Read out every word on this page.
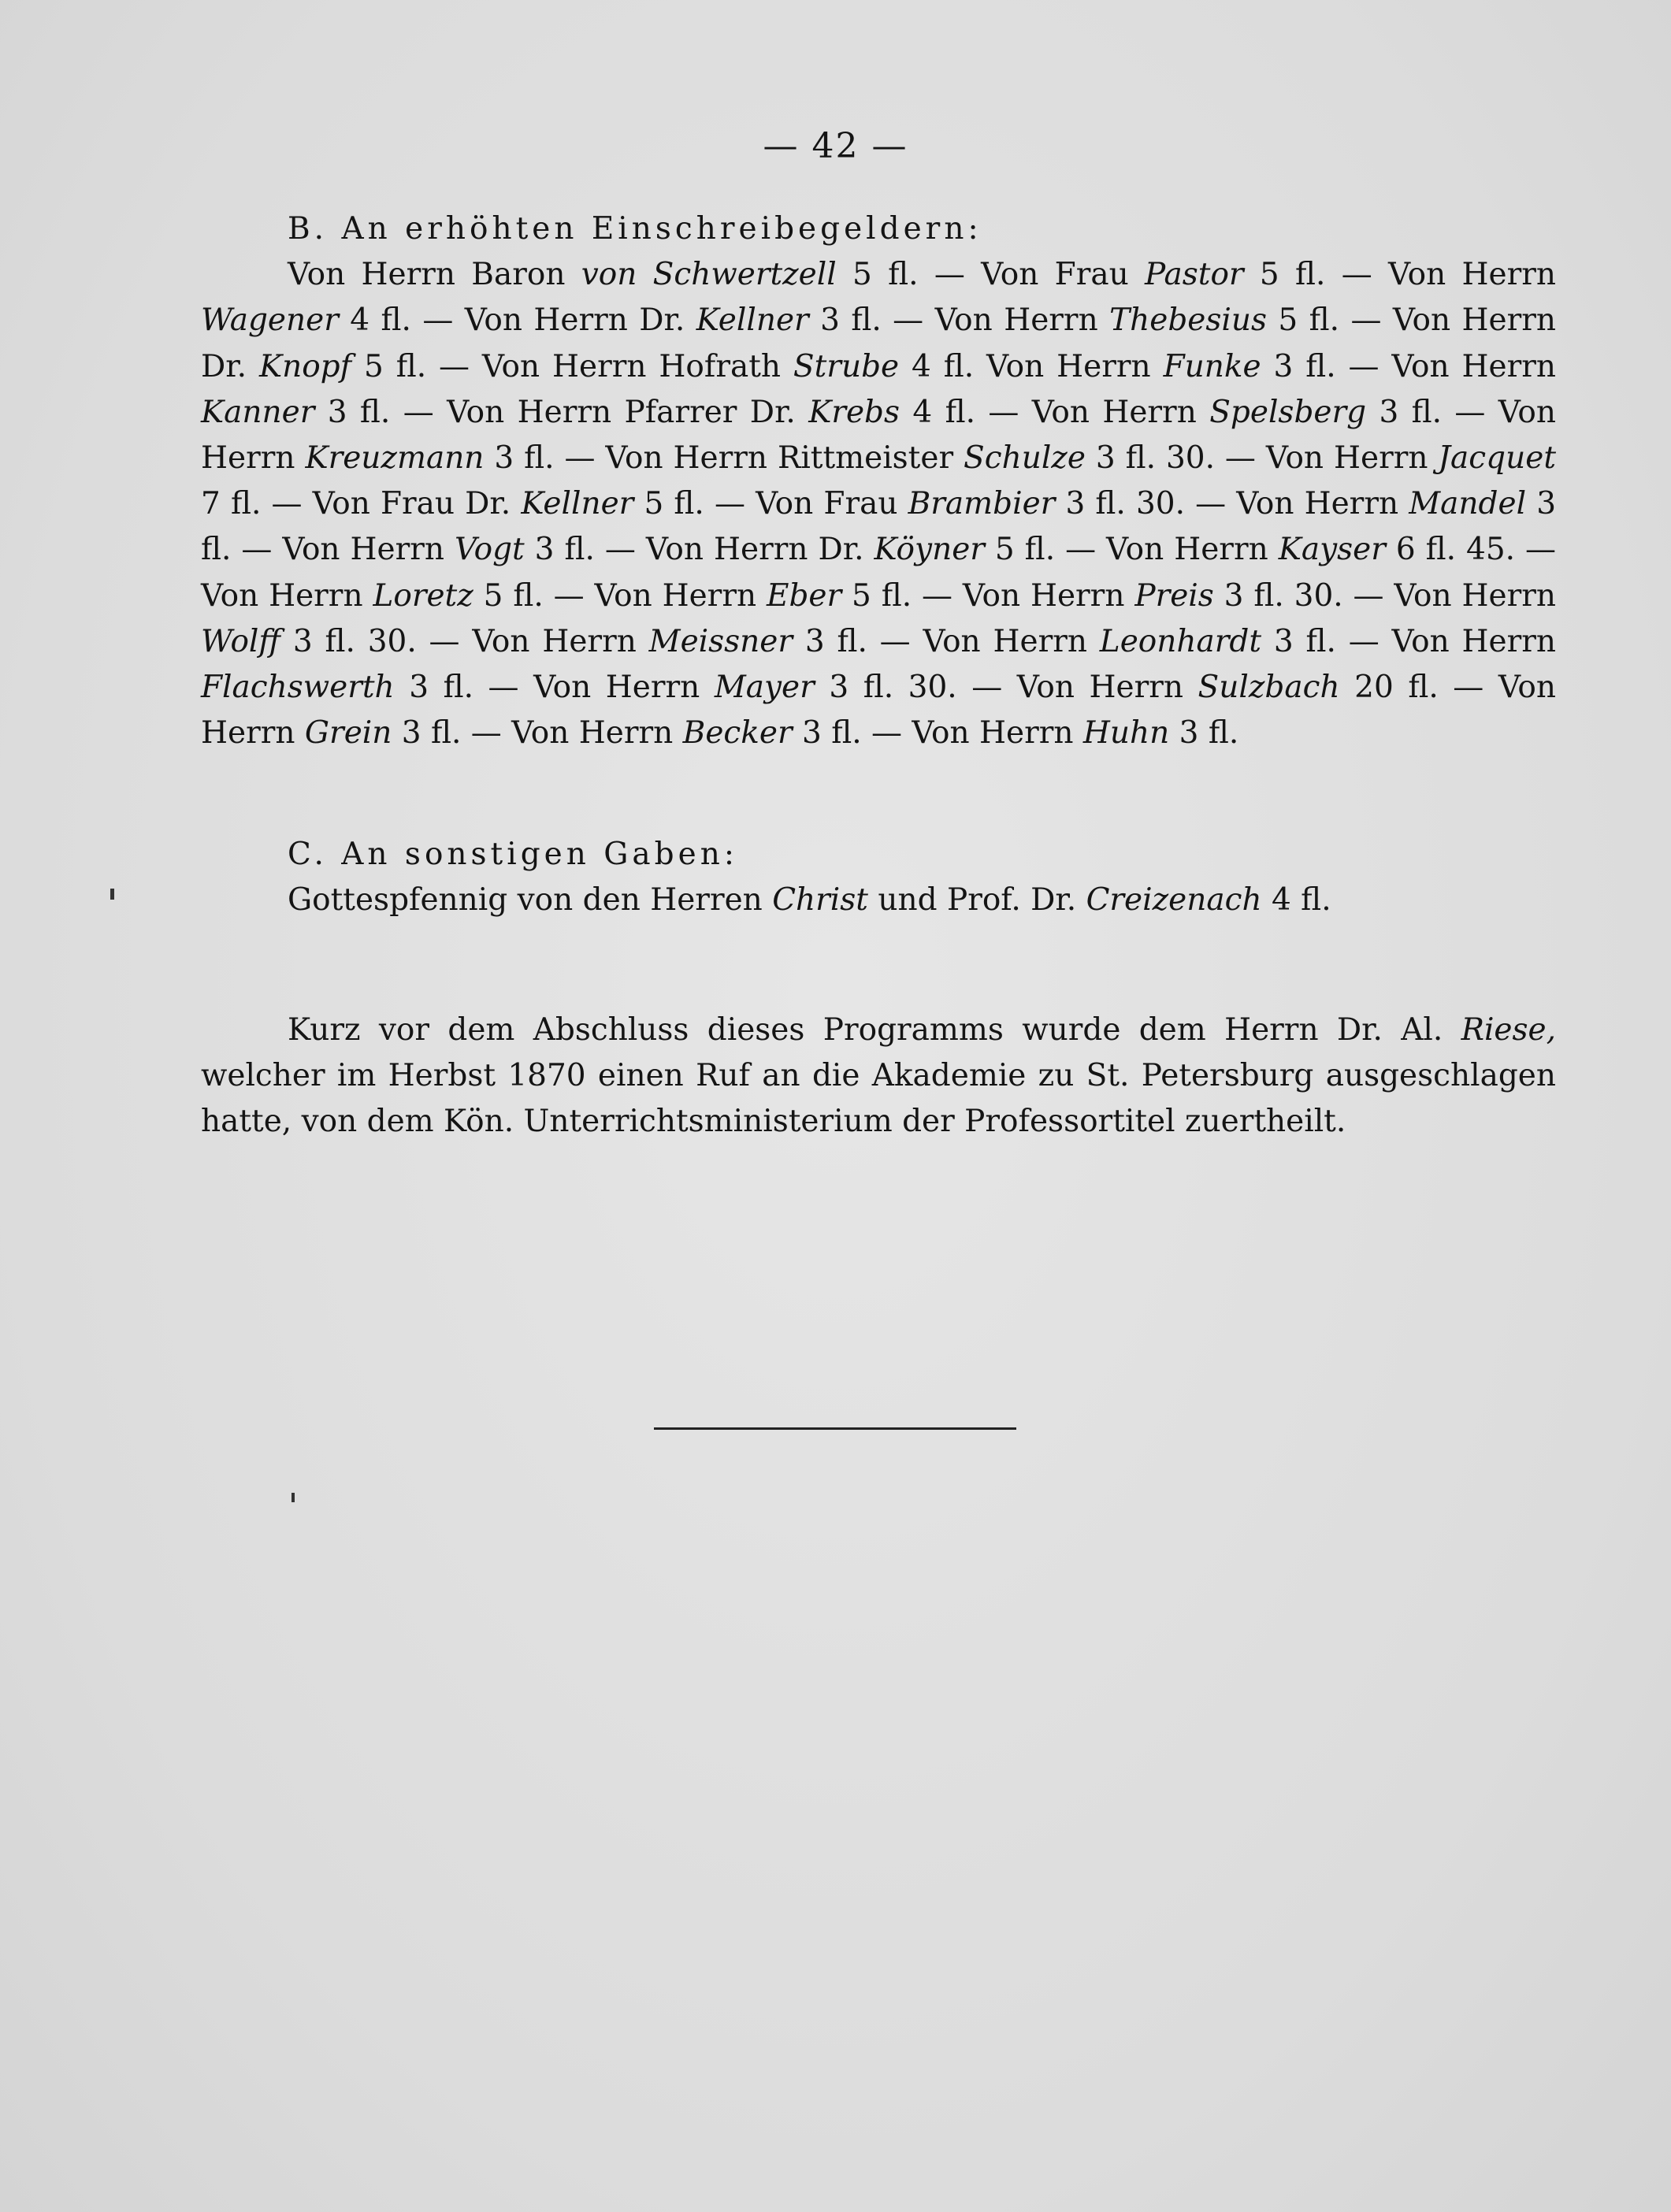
— 42 —

B. An erhöhten Einschreibegeldern:

Von Herrn Baron von Schwertzell 5 fl. — Von Frau Pastor 5 fl. — Von Herrn Wagener 4 fl. — Von Herrn Dr. Kellner 3 fl. — Von Herrn Thebesius 5 fl. — Von Herrn Dr. Knopf 5 fl. — Von Herrn Hofrath Strube 4 fl. Von Herrn Funke 3 fl. — Von Herrn Kanner 3 fl. — Von Herrn Pfarrer Dr. Krebs 4 fl. — Von Herrn Spelsberg 3 fl. — Von Herrn Kreuzmann 3 fl. — Von Herrn Rittmeister Schulze 3 fl. 30. — Von Herrn Jacquet 7 fl. — Von Frau Dr. Kellner 5 fl. — Von Frau Brambier 3 fl. 30. — Von Herrn Mandel 3 fl. — Von Herrn Vogt 3 fl. — Von Herrn Dr. Köyner 5 fl. — Von Herrn Kayser 6 fl. 45. — Von Herrn Loretz 5 fl. — Von Herrn Eber 5 fl. — Von Herrn Preis 3 fl. 30. — Von Herrn Wolff 3 fl. 30. — Von Herrn Meissner 3 fl. — Von Herrn Leonhardt 3 fl. — Von Herrn Flachswerth 3 fl. — Von Herrn Mayer 3 fl. 30. — Von Herrn Sulzbach 20 fl. — Von Herrn Grein 3 fl. — Von Herrn Becker 3 fl. — Von Herrn Huhn 3 fl.

C. An sonstigen Gaben:

Gottespfennig von den Herren Christ und Prof. Dr. Creizenach 4 fl.

Kurz vor dem Abschluss dieses Programms wurde dem Herrn Dr. Al. Riese, welcher im Herbst 1870 einen Ruf an die Akademie zu St. Petersburg ausgeschlagen hatte, von dem Kön. Unterrichtsministerium der Professortitel zuertheilt.
